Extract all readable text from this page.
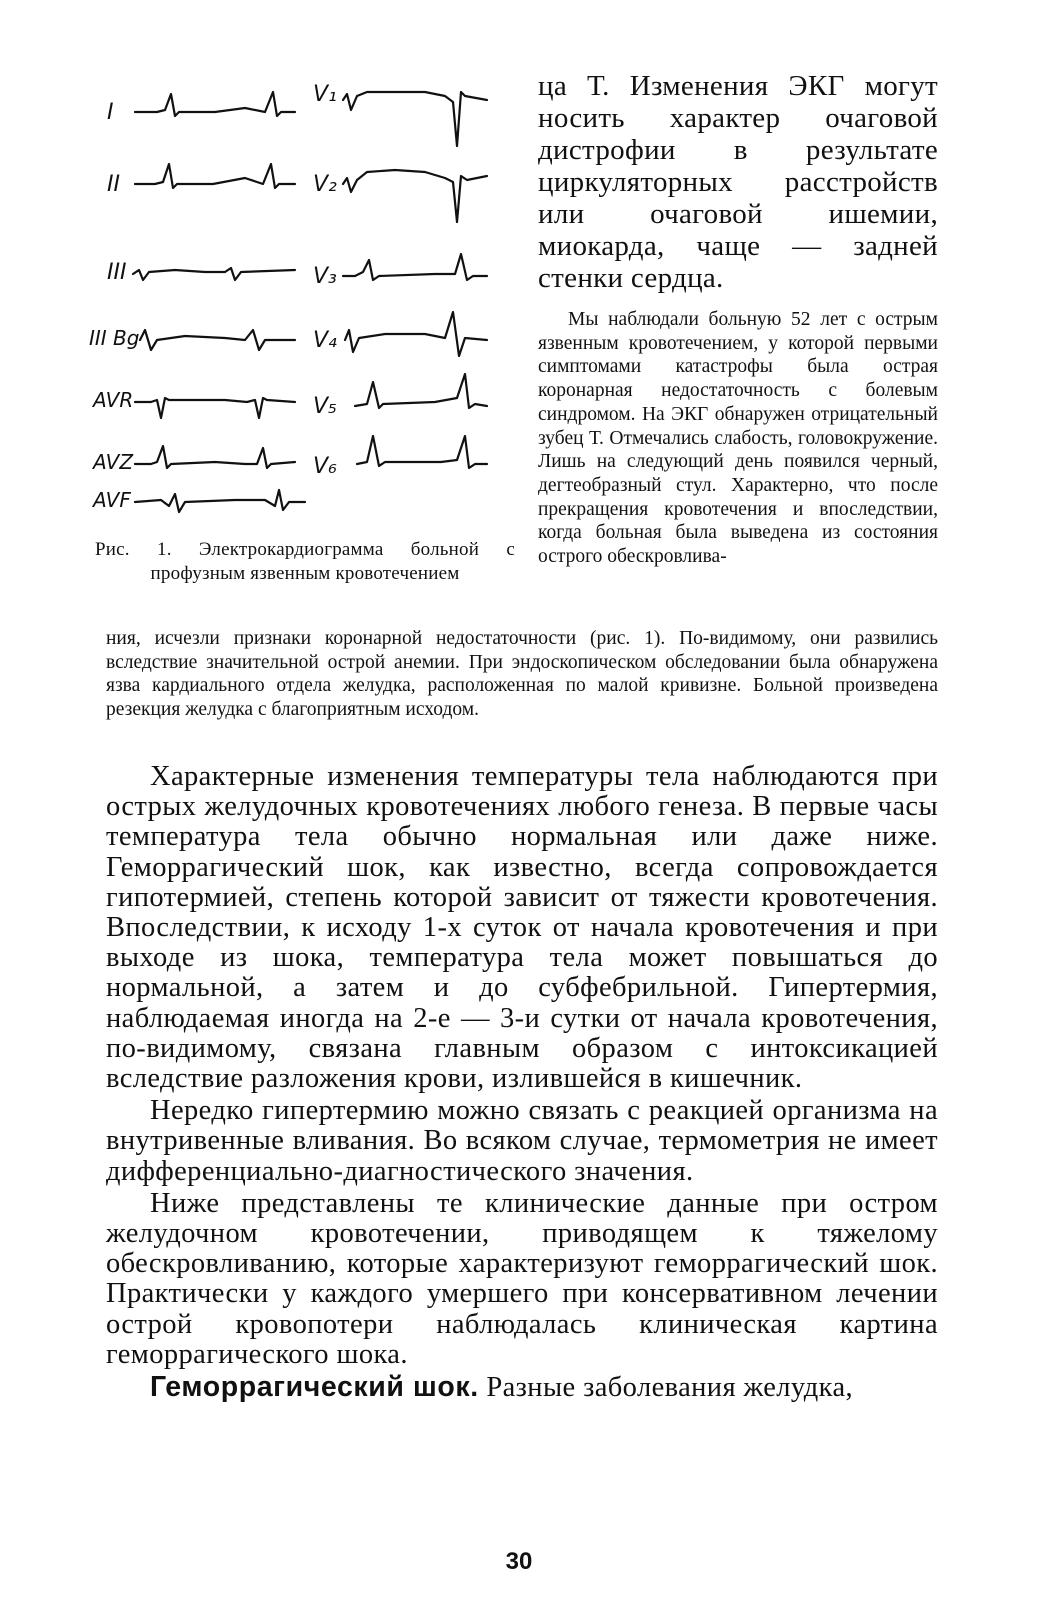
I
II
III
III Bg
AVR
AVZ
AVF
V₁
V₂
V₃
V₄
V₅
V₆
Рис. 1. Электрокардиограмма больной с профузным язвенным кровотечением

ца Т. Изменения ЭКГ могут носить характер очаговой дистрофии в результате циркуляторных расстройств или очаговой ишемии, миокарда, чаще — задней стенки сердца.

Мы наблюдали больную 52 лет с острым язвенным кровотечением, у которой первыми симптомами катастрофы была острая коронарная недостаточность с болевым синдромом. На ЭКГ обнаружен отрицательный зубец Т. Отмечались слабость, головокружение. Лишь на следующий день появился черный, дегтеобразный стул. Характерно, что после прекращения кровотечения и впоследствии, когда больная была выведена из состояния острого обескровлива-

ния, исчезли признаки коронарной недостаточности (рис. 1). По-видимому, они развились вследствие значительной острой анемии. При эндоскопическом обследовании была обнаружена язва кардиального отдела желудка, расположенная по малой кривизне. Больной произведена резекция желудка с благоприятным исходом.

Характерные изменения температуры тела наблюдаются при острых желудочных кровотечениях любого генеза. В первые часы температура тела обычно нормальная или даже ниже. Геморрагический шок, как известно, всегда сопровождается гипотермией, степень которой зависит от тяжести кровотечения. Впоследствии, к исходу 1-х суток от начала кровотечения и при выходе из шока, температура тела может повышаться до нормальной, а затем и до субфебрильной. Гипертермия, наблюдаемая иногда на 2-е — 3-и сутки от начала кровотечения, по-видимому, связана главным образом с интоксикацией вследствие разложения крови, излившейся в кишечник.

Нередко гипертермию можно связать с реакцией организма на внутривенные вливания. Во всяком случае, термометрия не имеет дифференциально-диагностического значения.

Ниже представлены те клинические данные при остром желудочном кровотечении, приводящем к тяжелому обескровливанию, которые характеризуют геморрагический шок. Практически у каждого умершего при консервативном лечении острой кровопотери наблюдалась клиническая картина геморрагического шока.

Геморрагический шок. Разные заболевания желудка,

30
